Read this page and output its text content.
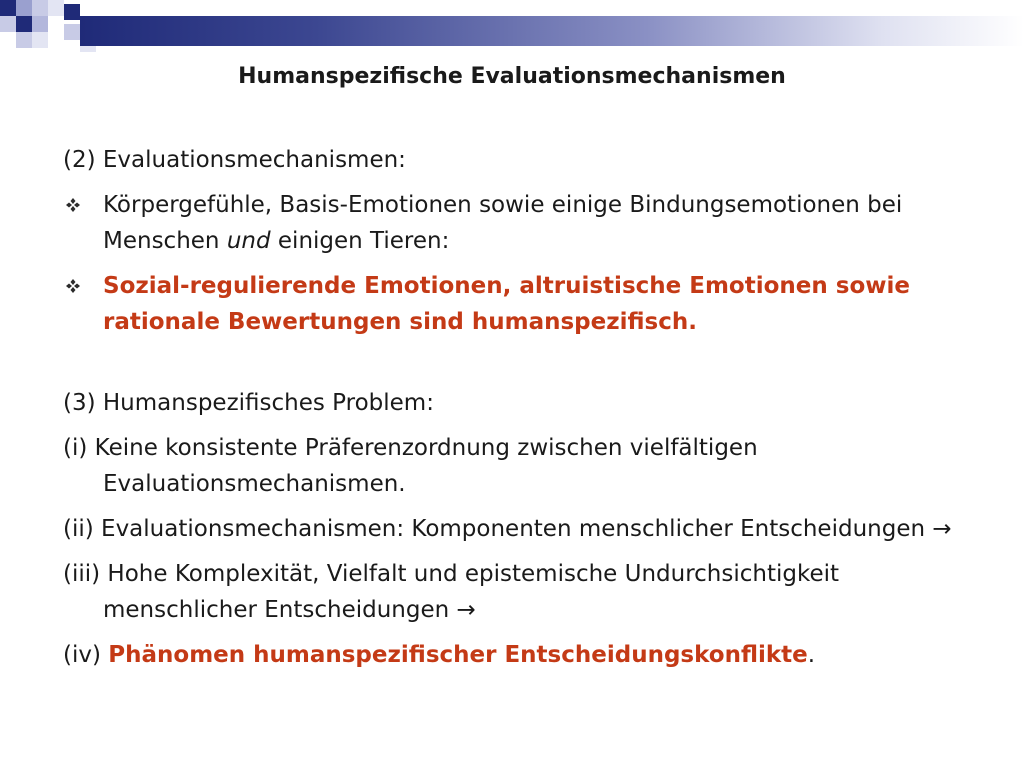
Humanspezifische Evaluationsmechanismen

(2) Evaluationsmechanismen:

Körpergefühle, Basis-Emotionen sowie einige Bindungsemotionen bei Menschen und einigen Tieren:
Sozial-regulierende Emotionen, altruistische Emotionen sowie rationale Bewertungen sind humanspezifisch.

(3) Humanspezifisches Problem:

(i) Keine konsistente Präferenzordnung zwischen vielfältigen Evaluationsmechanismen.

(ii) Evaluationsmechanismen: Komponenten menschlicher Entscheidungen →

(iii) Hohe Komplexität, Vielfalt und epistemische Undurchsichtigkeit menschlicher Entscheidungen →

(iv) Phänomen humanspezifischer Entscheidungskonflikte.
